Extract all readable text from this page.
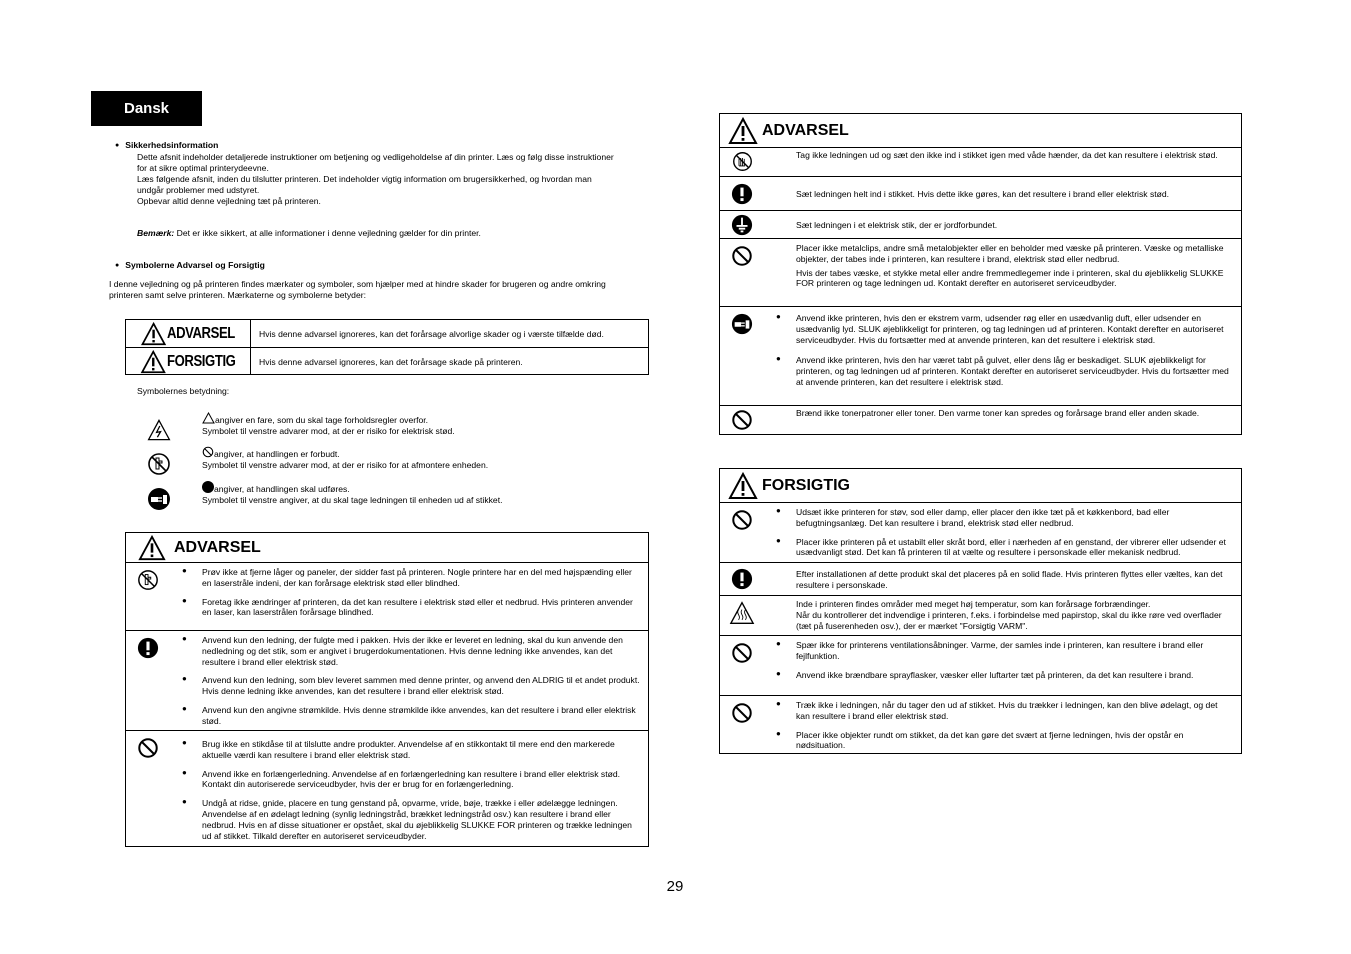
Dansk
● Sikkerhedsinformation
Dette afsnit indeholder detaljerede instruktioner om betjening og vedligeholdelse af din printer. Læs og følg disse instruktioner
for at sikre optimal printerydeevne.
Læs følgende afsnit, inden du tilslutter printeren. Det indeholder vigtig information om brugersikkerhed, og hvordan man
undgår problemer med udstyret.
Opbevar altid denne vejledning tæt på printeren.
Bemærk: Det er ikke sikkert, at alle informationer i denne vejledning gælder for din printer.
● Symbolerne Advarsel og Forsigtig
I denne vejledning og på printeren findes mærkater og symboler, som hjælper med at hindre skader for brugeren og andre omkring
printeren samt selve printeren. Mærkaterne og symbolerne betyder:
ADVARSEL	Hvis denne advarsel ignoreres, kan det forårsage alvorlige skader og i værste tilfælde død.
FORSIGTIG	Hvis denne advarsel ignoreres, kan det forårsage skade på printeren.
Symbolernes betydning:
angiver en fare, som du skal tage forholdsregler overfor.
Symbolet til venstre advarer mod, at der er risiko for elektrisk stød.
angiver, at handlingen er forbudt.
Symbolet til venstre advarer mod, at der er risiko for at afmontere enheden.
angiver, at handlingen skal udføres.
Symbolet til venstre angiver, at du skal tage ledningen til enheden ud af stikket.
ADVARSEL
● Prøv ikke at fjerne låger og paneler, der sidder fast på printeren. Nogle printere har en del med højspænding eller en laserstråle indeni, der kan forårsage elektrisk stød eller blindhed.
● Foretag ikke ændringer af printeren, da det kan resultere i elektrisk stød eller et nedbrud. Hvis printeren anvender en laser, kan laserstrålen forårsage blindhed.
● Anvend kun den ledning, der fulgte med i pakken. Hvis der ikke er leveret en ledning, skal du kun anvende den nedledning og det stik, som er angivet i brugerdokumentationen. Hvis denne ledning ikke anvendes, kan det resultere i brand eller elektrisk stød.
● Anvend kun den ledning, som blev leveret sammen med denne printer, og anvend den ALDRIG til et andet produkt. Hvis denne ledning ikke anvendes, kan det resultere i brand eller elektrisk stød.
● Anvend kun den angivne strømkilde. Hvis denne strømkilde ikke anvendes, kan det resultere i brand eller elektrisk stød.
● Brug ikke en stikdåse til at tilslutte andre produkter. Anvendelse af en stikkontakt til mere end den markerede aktuelle værdi kan resultere i brand eller elektrisk stød.
● Anvend ikke en forlængerledning. Anvendelse af en forlængerledning kan resultere i brand eller elektrisk stød. Kontakt din autoriserede serviceudbyder, hvis der er brug for en forlængerledning.
● Undgå at ridse, gnide, placere en tung genstand på, opvarme, vride, bøje, trække i eller ødelægge ledningen. Anvendelse af en ødelagt ledning (synlig ledningstråd, brækket ledningstråd osv.) kan resultere i brand eller nedbrud. Hvis en af disse situationer er opstået, skal du øjeblikkelig SLUKKE FOR printeren og trække ledningen ud af stikket. Tilkald derefter en autoriseret serviceudbyder.
ADVARSEL
Tag ikke ledningen ud og sæt den ikke ind i stikket igen med våde hænder, da det kan resultere i elektrisk stød.
Sæt ledningen helt ind i stikket. Hvis dette ikke gøres, kan det resultere i brand eller elektrisk stød.
Sæt ledningen i et elektrisk stik, der er jordforbundet.
Placer ikke metalclips, andre små metalobjekter eller en beholder med væske på printeren. Væske og metalliske objekter, der tabes inde i printeren, kan resultere i brand, elektrisk stød eller nedbrud.
Hvis der tabes væske, et stykke metal eller andre fremmedlegemer inde i printeren, skal du øjeblikkelig SLUKKE FOR printeren og tage ledningen ud. Kontakt derefter en autoriseret serviceudbyder.
● Anvend ikke printeren, hvis den er ekstrem varm, udsender røg eller en usædvanlig duft, eller udsender en usædvanlig lyd. SLUK øjeblikkeligt for printeren, og tag ledningen ud af printeren. Kontakt derefter en autoriseret serviceudbyder. Hvis du fortsætter med at anvende printeren, kan det resultere i elektrisk stød.
● Anvend ikke printeren, hvis den har været tabt på gulvet, eller dens låg er beskadiget. SLUK øjeblikkeligt for printeren, og tag ledningen ud af printeren. Kontakt derefter en autoriseret serviceudbyder. Hvis du fortsætter med at anvende printeren, kan det resultere i elektrisk stød.
Brænd ikke tonerpatroner eller toner. Den varme toner kan spredes og forårsage brand eller anden skade.
FORSIGTIG
● Udsæt ikke printeren for støv, sod eller damp, eller placer den ikke tæt på et køkkenbord, bad eller befugtningsanlæg. Det kan resultere i brand, elektrisk stød eller nedbrud.
● Placer ikke printeren på et ustabilt eller skråt bord, eller i nærheden af en genstand, der vibrerer eller udsender et usædvanligt stød. Det kan få printeren til at vælte og resultere i personskade eller mekanisk nedbrud.
Efter installationen af dette produkt skal det placeres på en solid flade. Hvis printeren flyttes eller væltes, kan det resultere i personskade.
Inde i printeren findes områder med meget høj temperatur, som kan forårsage forbrændinger.
Når du kontrollerer det indvendige i printeren, f.eks. i forbindelse med papirstop, skal du ikke røre ved overflader (tæt på fuserenheden osv.), der er mærket "Forsigtig VARM".
● Spær ikke for printerens ventilationsåbninger. Varme, der samles inde i printeren, kan resultere i brand eller fejlfunktion.
● Anvend ikke brændbare sprayflasker, væsker eller luftarter tæt på printeren, da det kan resultere i brand.
● Træk ikke i ledningen, når du tager den ud af stikket. Hvis du trækker i ledningen, kan den blive ødelagt, og det kan resultere i brand eller elektrisk stød.
● Placer ikke objekter rundt om stikket, da det kan gøre det svært at fjerne ledningen, hvis der opstår en nødsituation.
29
